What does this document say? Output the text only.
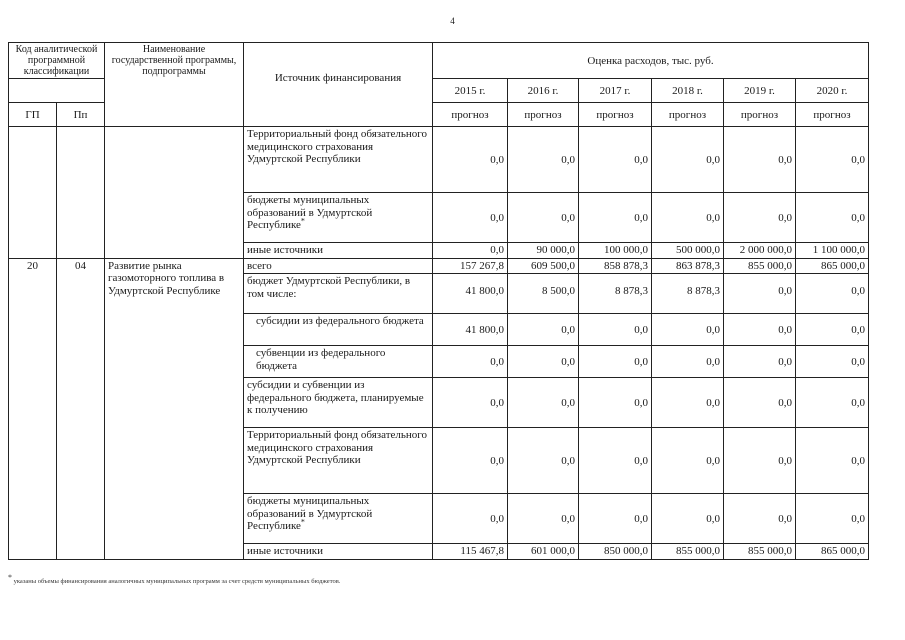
4
Код аналитической программной классификации		Наименование государственной программы, подпрограммы	Источник финансирования	Оценка расходов, тыс. руб.					
				2015 г.	2016 г.	2017 г.	2018 г.	2019 г.	2020 г.
ГП	Пп			прогноз	прогноз	прогноз	прогноз	прогноз	прогноз
			Территориальный фонд обязательного медицинского страхования Удмуртской Республики	0,0	0,0	0,0	0,0	0,0	0,0
			бюджеты муниципальных образований в Удмуртской Республике*	0,0	0,0	0,0	0,0	0,0	0,0
			иные источники	0,0	90 000,0	100 000,0	500 000,0	2 000 000,0	1 100 000,0
20	04	Развитие рынка газомоторного топлива в Удмуртской Республике	всего	157 267,8	609 500,0	858 878,3	863 878,3	855 000,0	865 000,0
			бюджет Удмуртской Республики, в том числе:	41 800,0	8 500,0	8 878,3	8 878,3	0,0	0,0
			субсидии из федерального бюджета	41 800,0	0,0	0,0	0,0	0,0	0,0
			субвенции из федерального бюджета	0,0	0,0	0,0	0,0	0,0	0,0
			субсидии и субвенции из федерального бюджета, планируемые к получению	0,0	0,0	0,0	0,0	0,0	0,0
			Территориальный фонд обязательного медицинского страхования Удмуртской Республики	0,0	0,0	0,0	0,0	0,0	0,0
			бюджеты муниципальных образований в Удмуртской Республике*	0,0	0,0	0,0	0,0	0,0	0,0
			иные источники	115 467,8	601 000,0	850 000,0	855 000,0	855 000,0	865 000,0
* указаны объемы финансирования аналогичных муниципальных программ за счет средств муниципальных бюджетов.
